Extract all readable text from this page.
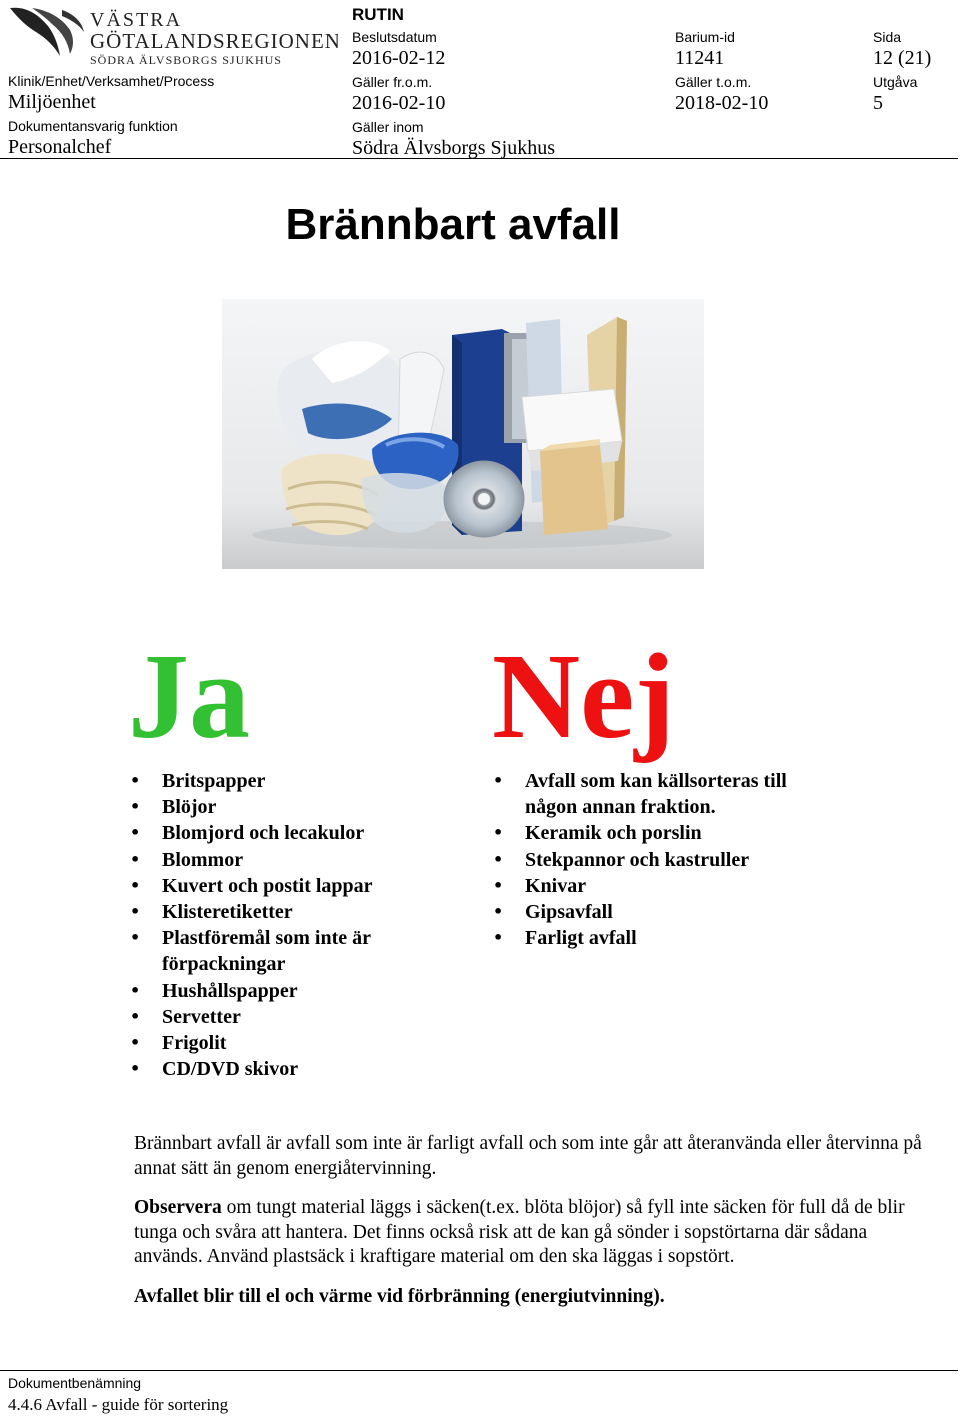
VÄSTRA
GÖTALANDSREGIONEN
SÖDRA ÄLVSBORGS SJUKHUS
RUTIN
Klinik/Enhet/Verksamhet/Process
Miljöenhet
Dokumentansvarig funktion
Personalchef
Beslutsdatum
2016-02-12
Gäller fr.o.m.
2016-02-10
Gäller inom
Södra Älvsborgs Sjukhus
Barium-id
11241
Gäller t.o.m.
2018-02-10
Sida
12 (21)
Utgåva
5
Brännbart avfall
Ja Nej
• Britspapper
• Blöjor
• Blomjord och lecakulor
• Blommor
• Kuvert och postit lappar
• Klisteretiketter
• Plastföremål som inte är förpackningar
• Hushållspapper
• Servetter
• Frigolit
• CD/DVD skivor
• Avfall som kan källsorteras till någon annan fraktion.
• Keramik och porslin
• Stekpannor och kastruller
• Knivar
• Gipsavfall
• Farligt avfall
Brännbart avfall är avfall som inte är farligt avfall och som inte går att återanvända eller återvinna på annat sätt än genom energiåtervinning.
Observera om tungt material läggs i säcken(t.ex. blöta blöjor) så fyll inte säcken för full då de blir tunga och svåra att hantera. Det finns också risk att de kan gå sönder i sopstörtarna där sådana används. Använd plastsäck i kraftigare material om den ska läggas i sopstört.
Avfallet blir till el och värme vid förbränning (energiutvinning).
Dokumentbenämning
4.4.6 Avfall - guide för sortering
